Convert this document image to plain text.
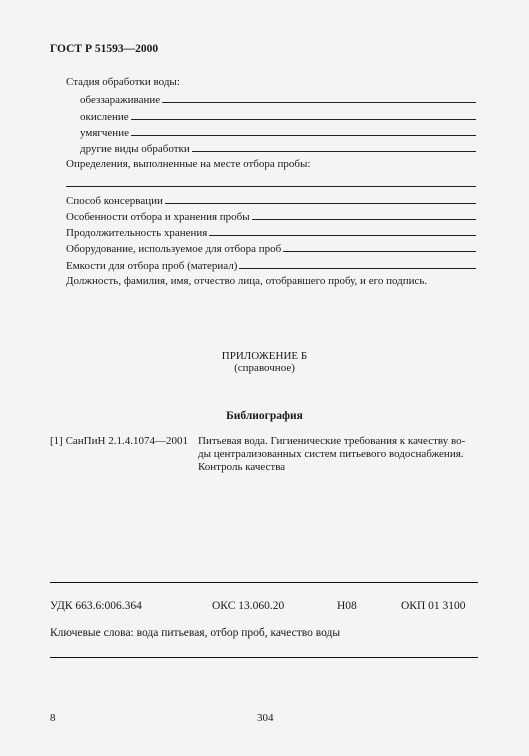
ГОСТ Р 51593—2000
Стадия обработки воды:
обеззараживание
окисление
умягчение
другие виды обработки
Определения, выполненные на месте отбора пробы:
Способ консервации
Особенности отбора и хранения пробы
Продолжительность хранения
Оборудование, используемое для отбора проб
Емкости для отбора проб (материал)
Должность, фамилия, имя, отчество лица, отобравшего пробу, и его подпись.
ПРИЛОЖЕНИЕ Б
(справочное)
Библиография
[1] СанПиН 2.1.4.1074—2001 Питьевая вода. Гигиенические требования к качеству во-
ды централизованных систем питьевого водоснабжения.
Контроль качества
УДК 663.6:006.364	ОКС 13.060.20	Н08	ОКП 01 3100
Ключевые слова: вода питьевая, отбор проб, качество воды
8	304
